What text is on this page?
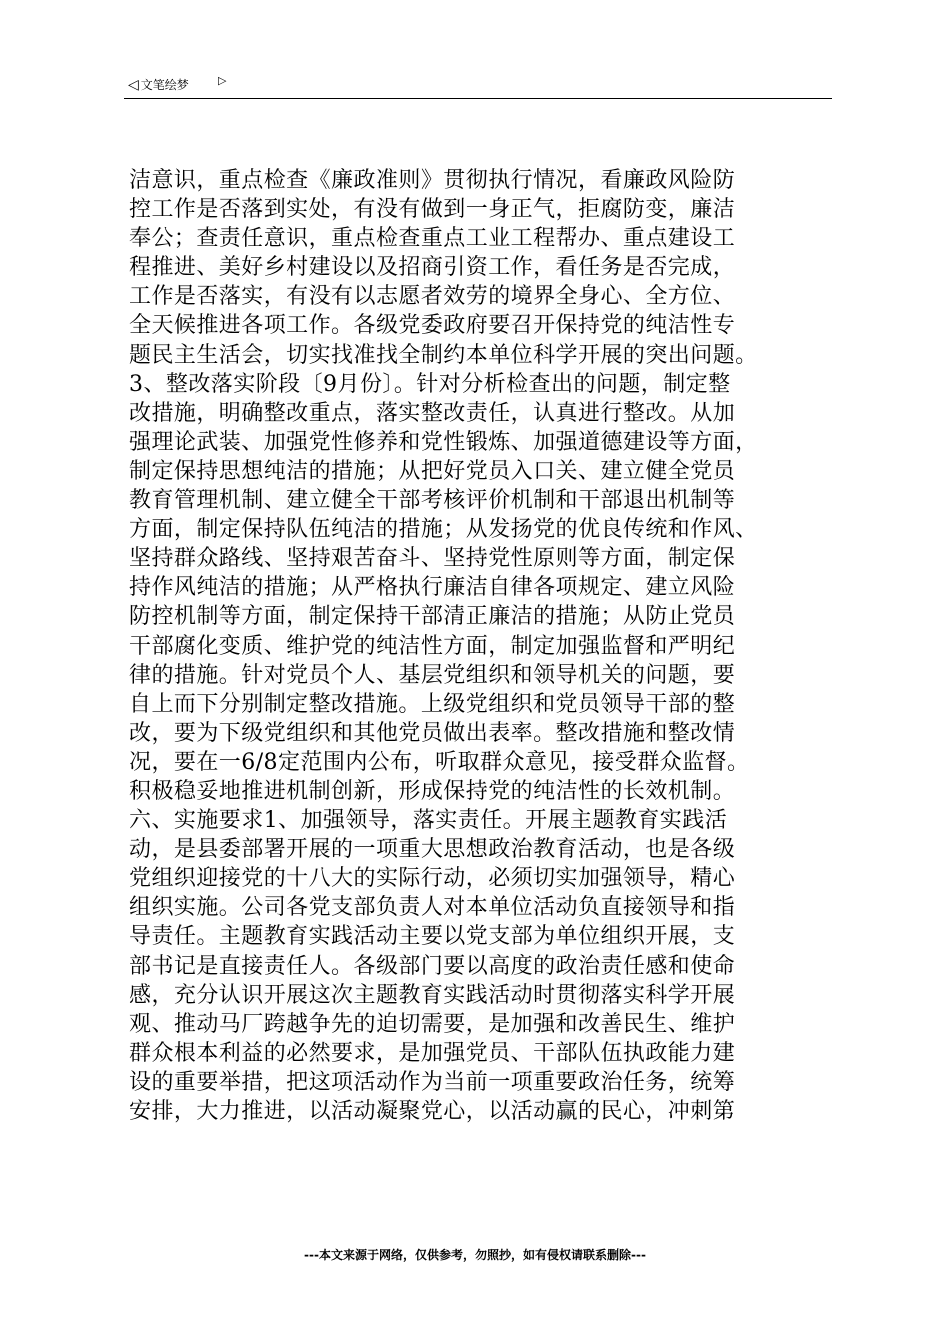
◁ 文笔绘梦	▷
洁意识，重点检查《廉政准则》贯彻执行情况，看廉政风险防
控工作是否落到实处，有没有做到一身正气，拒腐防变，廉洁
奉公；查责任意识，重点检查重点工业工程帮办、重点建设工
程推进、美好乡村建设以及招商引资工作，看任务是否完成，
工作是否落实，有没有以志愿者效劳的境界全身心、全方位、
全天候推进各项工作。各级党委政府要召开保持党的纯洁性专
题民主生活会，切实找准找全制约本单位科学开展的突出问题。
3、整改落实阶段〔9月份〕。针对分析检查出的问题，制定整
改措施，明确整改重点，落实整改责任，认真进行整改。从加
强理论武装、加强党性修养和党性锻炼、加强道德建设等方面，
制定保持思想纯洁的措施；从把好党员入口关、建立健全党员
教育管理机制、建立健全干部考核评价机制和干部退出机制等
方面，制定保持队伍纯洁的措施；从发扬党的优良传统和作风、
坚持群众路线、坚持艰苦奋斗、坚持党性原则等方面，制定保
持作风纯洁的措施；从严格执行廉洁自律各项规定、建立风险
防控机制等方面，制定保持干部清正廉洁的措施；从防止党员
干部腐化变质、维护党的纯洁性方面，制定加强监督和严明纪
律的措施。针对党员个人、基层党组织和领导机关的问题，要
自上而下分别制定整改措施。上级党组织和党员领导干部的整
改，要为下级党组织和其他党员做出表率。整改措施和整改情
况，要在一6/8定范围内公布，听取群众意见，接受群众监督。
积极稳妥地推进机制创新，形成保持党的纯洁性的长效机制。
六、实施要求1、加强领导，落实责任。开展主题教育实践活
动，是县委部署开展的一项重大思想政治教育活动，也是各级
党组织迎接党的十八大的实际行动，必须切实加强领导，精心
组织实施。公司各党支部负责人对本单位活动负直接领导和指
导责任。主题教育实践活动主要以党支部为单位组织开展，支
部书记是直接责任人。各级部门要以高度的政治责任感和使命
感，充分认识开展这次主题教育实践活动时贯彻落实科学开展
观、推动马厂跨越争先的迫切需要，是加强和改善民生、维护
群众根本利益的必然要求，是加强党员、干部队伍执政能力建
设的重要举措，把这项活动作为当前一项重要政治任务，统筹
安排，大力推进，以活动凝聚党心，以活动赢的民心，冲刺第
---本文来源于网络，仅供参考，勿照抄，如有侵权请联系删除---
